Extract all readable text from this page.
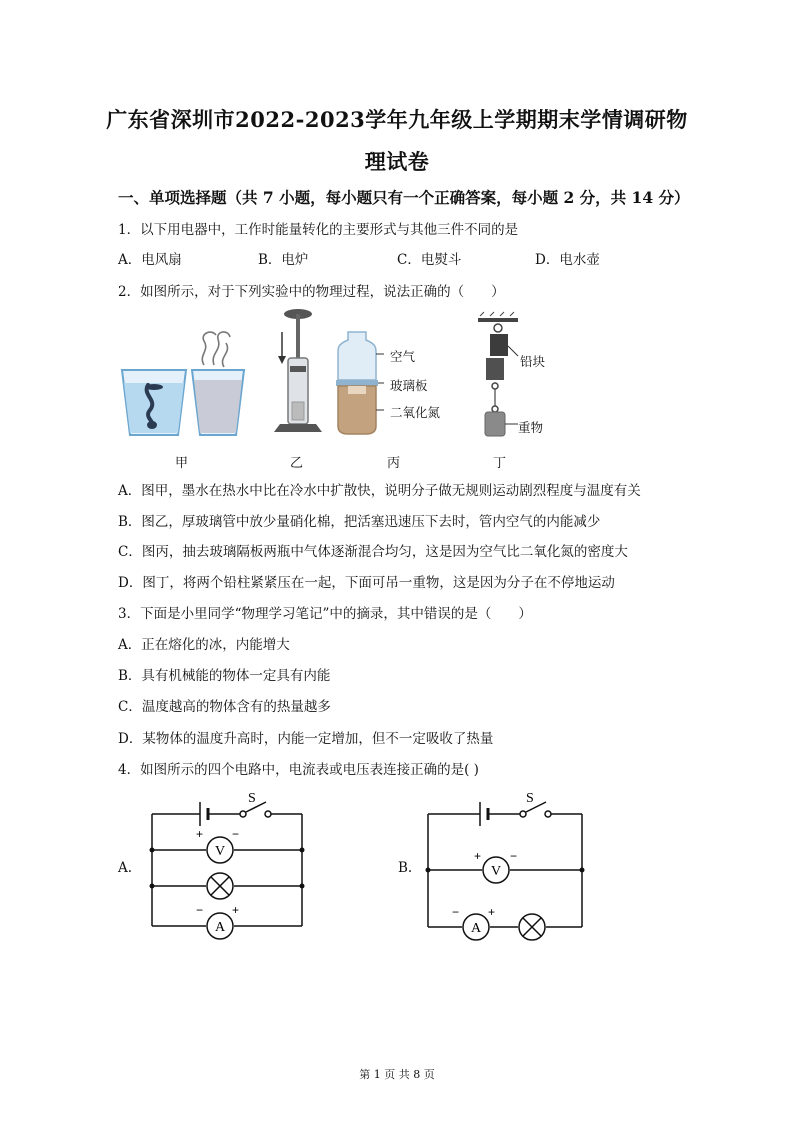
广东省深圳市2022-2023学年九年级上学期期末学情调研物
理试卷
一、单项选择题（共 7 小题，每小题只有一个正确答案，每小题 2 分，共 14 分）
1．以下用电器中，工作时能量转化的主要形式与其他三件不同的是
A．电风扇	B．电炉	C．电熨斗	D．电水壶
2．如图所示，对于下列实验中的物理过程，说法正确的（　　）
空气
玻璃板
二氧化氮
铅块
重物
甲	乙	丙	丁
A．图甲，墨水在热水中比在冷水中扩散快，说明分子做无规则运动剧烈程度与温度有关
B．图乙，厚玻璃管中放少量硝化棉，把活塞迅速压下去时，管内空气的内能减少
C．图丙，抽去玻璃隔板两瓶中气体逐渐混合均匀，这是因为空气比二氧化氮的密度大
D．图丁，将两个铅柱紧紧压在一起，下面可吊一重物，这是因为分子在不停地运动
3．下面是小里同学“物理学习笔记”中的摘录，其中错误的是（　　）
A．正在熔化的冰，内能增大
B．具有机械能的物体一定具有内能
C．温度越高的物体含有的热量越多
D．某物体的温度升高时，内能一定增加，但不一定吸收了热量
4．如图所示的四个电路中，电流表或电压表连接正确的是( )
A.	B.
S
V
A
+ −
− +
S
V
A
+ −
− +
第 1 页 共 8 页
